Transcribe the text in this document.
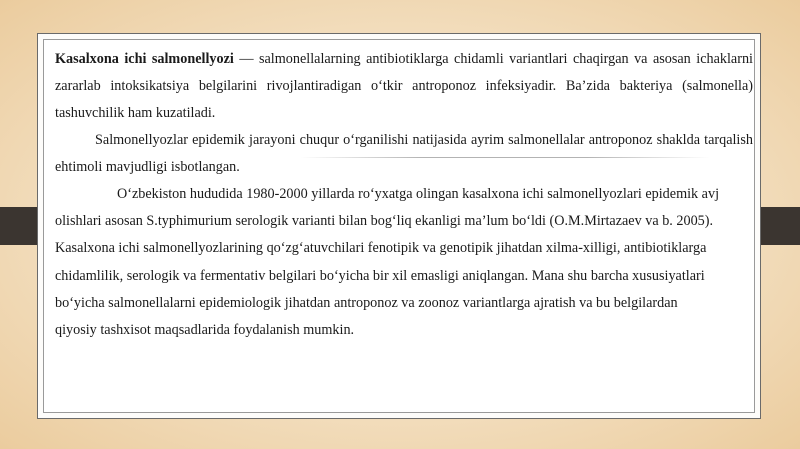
Kasalxona ichi salmonellyozi — salmonellalarning antibiotiklarga chidamli variantlari chaqirgan va asosan ichaklarni zararlab intoksikatsiya belgilarini rivojlantiradigan o‘tkir antroponoz infeksiyadir. Ba’zida bakteriya (salmonella) tashuvchilik ham kuzatiladi.

Salmonellyozlar epidemik jarayoni chuqur o‘rganilishi natijasida ayrim salmonellalar antroponoz shaklda tarqalish ehtimoli mavjudligi isbotlangan.

O‘zbekiston hududida 1980-2000 yillarda ro‘yxatga olingan kasalxona ichi salmonellyozlari epidemik avj
olishlari asosan S.typhimurium serologik varianti bilan bog‘liq ekanligi ma’lum bo‘ldi (O.M.Mirtazaev va b. 2005).
Kasalxona ichi salmonellyozlarining qo‘zg‘atuvchilari fenotipik va genotipik jihatdan xilma-xilligi, antibiotiklarga
chidamlilik, serologik va fermentativ belgilari bo‘yicha bir xil emasligi aniqlangan. Mana shu barcha xususiyatlari
bo‘yicha salmonellalarni epidemiologik jihatdan antroponoz va zoonoz variantlarga ajratish va bu belgilardan
qiyosiy tashxisot maqsadlarida foydalanish mumkin.
